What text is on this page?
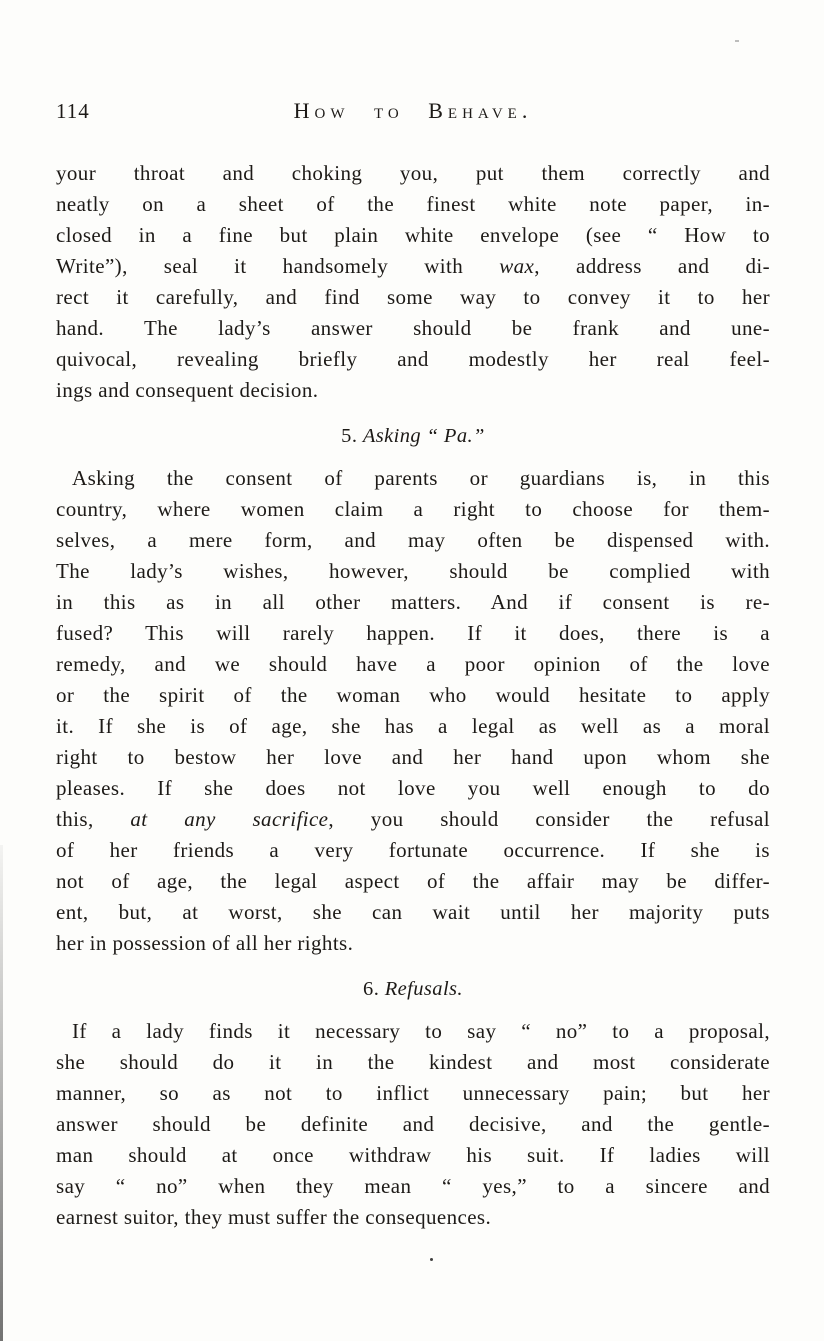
114	How to Behave.
your throat and choking you, put them correctly and
neatly on a sheet of the finest white note paper, in-
closed in a fine but plain white envelope (see “ How to
Write”), seal it handsomely with wax, address and di-
rect it carefully, and find some way to convey it to her
hand. The lady’s answer should be frank and une-
quivocal, revealing briefly and modestly her real feel-
ings and consequent decision.
5. Asking “ Pa.”
Asking the consent of parents or guardians is, in this
country, where women claim a right to choose for them-
selves, a mere form, and may often be dispensed with.
The lady’s wishes, however, should be complied with
in this as in all other matters. And if consent is re-
fused? This will rarely happen. If it does, there is a
remedy, and we should have a poor opinion of the love
or the spirit of the woman who would hesitate to apply
it. If she is of age, she has a legal as well as a moral
right to bestow her love and her hand upon whom she
pleases. If she does not love you well enough to do
this, at any sacrifice, you should consider the refusal
of her friends a very fortunate occurrence. If she is
not of age, the legal aspect of the affair may be differ-
ent, but, at worst, she can wait until her majority puts
her in possession of all her rights.
6. Refusals.
If a lady finds it necessary to say “ no” to a proposal,
she should do it in the kindest and most considerate
manner, so as not to inflict unnecessary pain; but her
answer should be definite and decisive, and the gentle-
man should at once withdraw his suit. If ladies will
say “ no” when they mean “ yes,” to a sincere and
earnest suitor, they must suffer the consequences.
